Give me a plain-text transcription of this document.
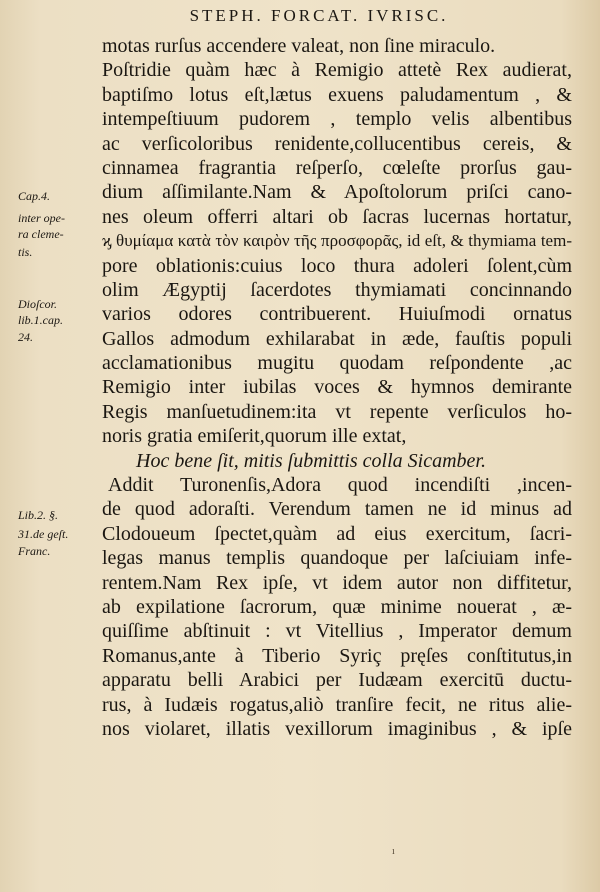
STEPH. FORCAT. IVRISC.
Cap.4.
inter ope-
ra cleme-
tis.
Dioſcor.
lib.1.cap.
24.
Lib.2. §.
31.de geſt.
Franc.
motas rurſus accendere valeat, non ſine miraculo.
Poſtridie quàm hæc à Remigio attetè Rex audierat,
baptiſmo lotus eſt,lætus exuens paludamentum , &
intempeſtiuum pudorem , templo velis albentibus
ac verſicoloribus renidente,collucentibus cereis, &
cinnamea fragrantia reſperſo, cœleſte prorſus gau-
dium aſſimilante.Nam & Apoſtolorum priſci cano-
nes oleum offerri altari ob ſacras lucernas hortatur,
ϗ θυμίαμα κατὰ τὸν καιρὸν τῆς προσφορᾶς, id eſt, & thymiama tem-
pore oblationis:cuius loco thura adoleri ſolent,cùm
olim Ægyptij ſacerdotes thymiamati concinnando
varios odores contribuerent. Huiuſmodi ornatus
Gallos admodum exhilarabat in æde, fauſtis populi
acclamationibus mugitu quodam reſpondente ,ac
Remigio inter iubilas voces & hymnos demirante
Regis manſuetudinem:ita vt repente verſiculos ho-
noris gratia emiſerit,quorum ille extat,
Hoc bene ſit, mitis ſubmittis colla Sicamber.
Addit Turonenſis,Adora quod incendiſti ,incen-
de quod adoraſti. Verendum tamen ne id minus ad
Clodoueum ſpectet,quàm ad eius exercitum, ſacri-
legas manus templis quandoque per laſciuiam infe-
rentem.Nam Rex ipſe, vt idem autor non diffitetur,
ab expilatione ſacrorum, quæ minime nouerat , æ-
quiſſime abſtinuit : vt Vitellius , Imperator demum
Romanus,ante à Tiberio Syriç pręſes conſtitutus,in
apparatu belli Arabici per Iudæam exercitū ductu-
rus, à Iudæis rogatus,aliò tranſire fecit, ne ritus alie-
nos violaret, illatis vexillorum imaginibus , & ipſe
ı
